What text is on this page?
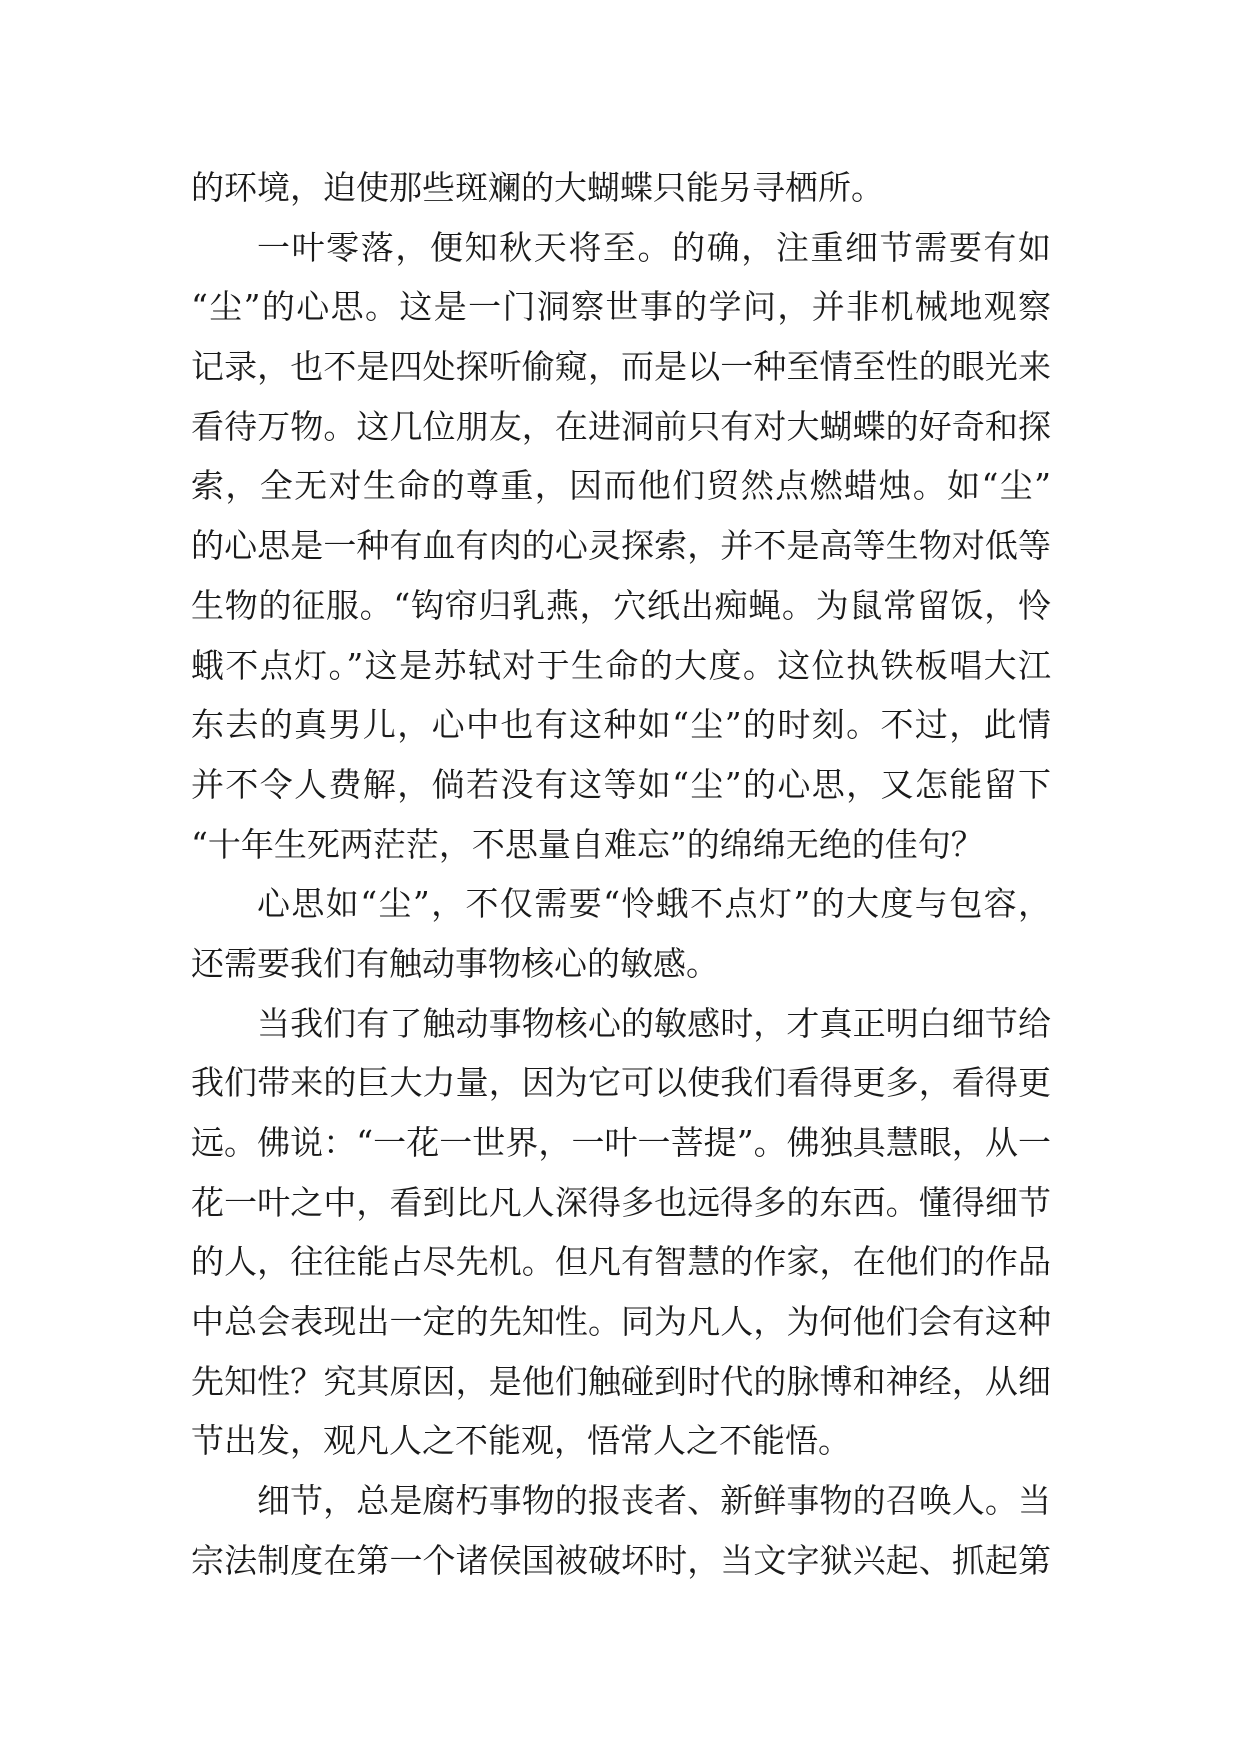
的环境，迫使那些斑斓的大蝴蝶只能另寻栖所。
一叶零落，便知秋天将至。的确，注重细节需要有如
“尘”的心思。这是一门洞察世事的学问，并非机械地观察
记录，也不是四处探听偷窥，而是以一种至情至性的眼光来
看待万物。这几位朋友，在进洞前只有对大蝴蝶的好奇和探
索，全无对生命的尊重，因而他们贸然点燃蜡烛。如“尘”
的心思是一种有血有肉的心灵探索，并不是高等生物对低等
生物的征服。“钩帘归乳燕，穴纸出痴蝇。为鼠常留饭，怜
蛾不点灯。”这是苏轼对于生命的大度。这位执铁板唱大江
东去的真男儿，心中也有这种如“尘”的时刻。不过，此情
并不令人费解，倘若没有这等如“尘”的心思，又怎能留下
“十年生死两茫茫，不思量自难忘”的绵绵无绝的佳句？
心思如“尘”，不仅需要“怜蛾不点灯”的大度与包容，
还需要我们有触动事物核心的敏感。
当我们有了触动事物核心的敏感时，才真正明白细节给
我们带来的巨大力量，因为它可以使我们看得更多，看得更
远。佛说：“一花一世界，一叶一菩提”。佛独具慧眼，从一
花一叶之中，看到比凡人深得多也远得多的东西。懂得细节
的人，往往能占尽先机。但凡有智慧的作家，在他们的作品
中总会表现出一定的先知性。同为凡人，为何他们会有这种
先知性？究其原因，是他们触碰到时代的脉博和神经，从细
节出发，观凡人之不能观，悟常人之不能悟。
细节，总是腐朽事物的报丧者、新鲜事物的召唤人。当
宗法制度在第一个诸侯国被破坏时，当文字狱兴起、抓起第
